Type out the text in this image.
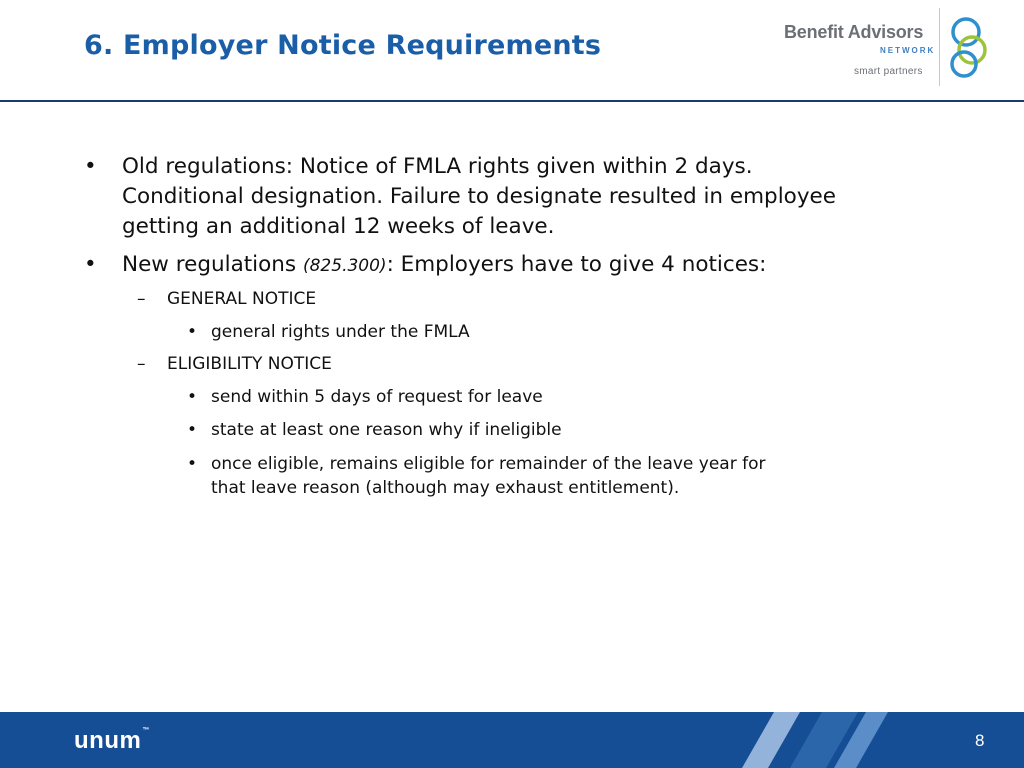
6. Employer Notice Requirements	Benefit Advisors
NETWORK
smart partners
• Old regulations: Notice of FMLA rights given within 2 days.
Conditional designation. Failure to designate resulted in employee
getting an additional 12 weeks of leave.
• New regulations (825.300): Employers have to give 4 notices:
– GENERAL NOTICE
• general rights under the FMLA
– ELIGIBILITY NOTICE
• send within 5 days of request for leave
• state at least one reason why if ineligible
• once eligible, remains eligible for remainder of the leave year for
that leave reason (although may exhaust entitlement).
unum™
8
